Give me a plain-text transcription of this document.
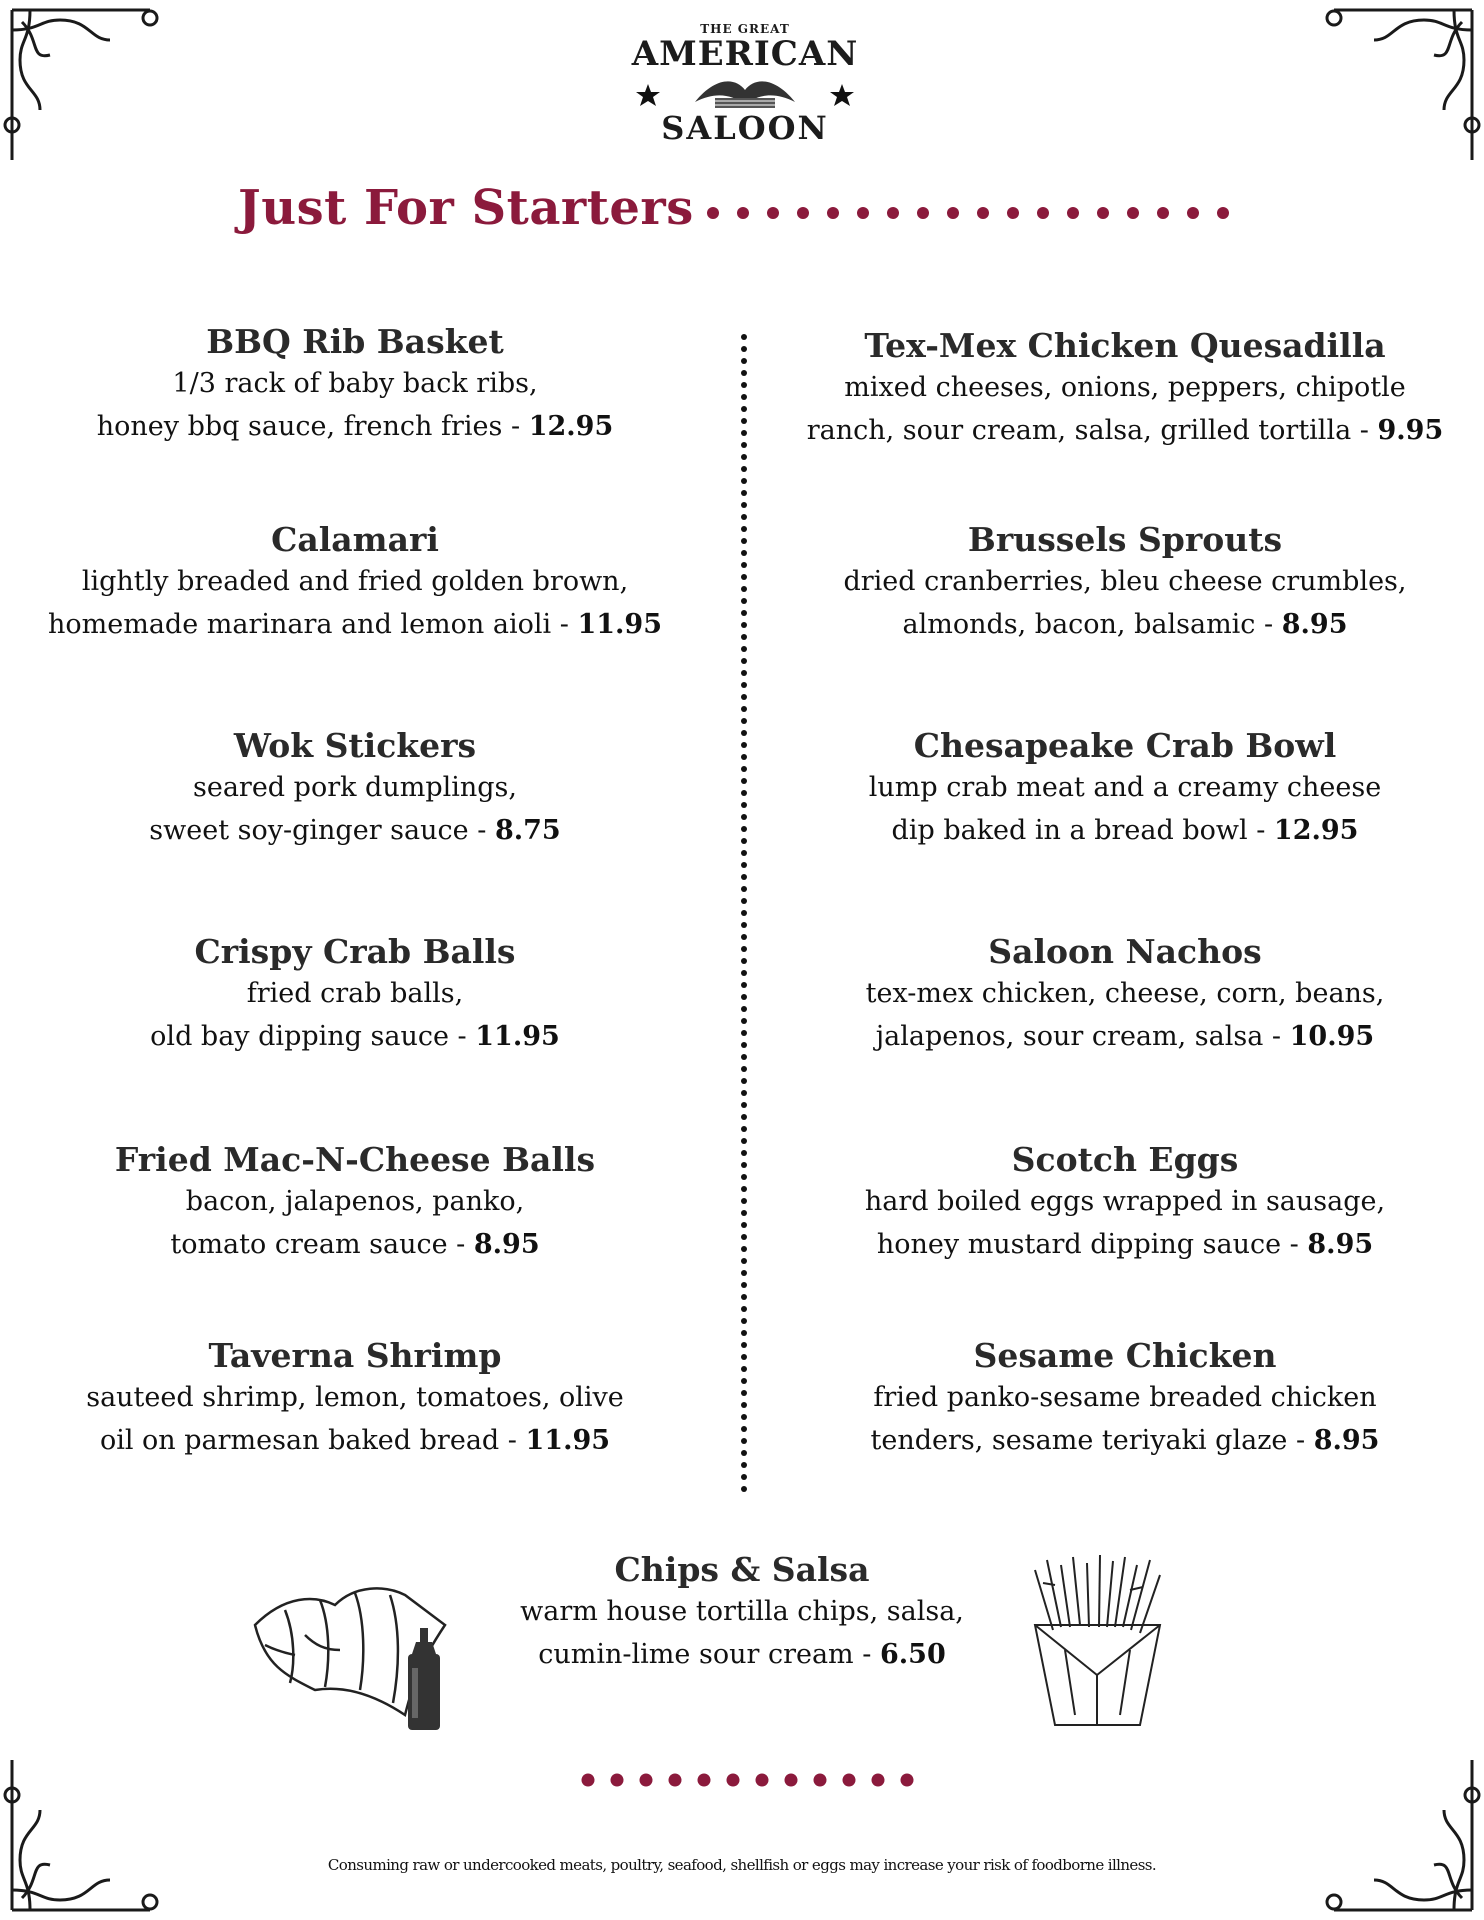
THE GREAT
AMERICAN
SALOON
Just For Starters
BBQ Rib Basket
1/3 rack of baby back ribs,
honey bbq sauce, french fries - 12.95
Calamari
lightly breaded and fried golden brown,
homemade marinara and lemon aioli - 11.95
Wok Stickers
seared pork dumplings,
sweet soy-ginger sauce - 8.75
Crispy Crab Balls
fried crab balls,
old bay dipping sauce - 11.95
Fried Mac-N-Cheese Balls
bacon, jalapenos, panko,
tomato cream sauce - 8.95
Taverna Shrimp
sauteed shrimp, lemon, tomatoes, olive
oil on parmesan baked bread - 11.95
Tex-Mex Chicken Quesadilla
mixed cheeses, onions, peppers, chipotle
ranch, sour cream, salsa, grilled tortilla - 9.95
Brussels Sprouts
dried cranberries, bleu cheese crumbles,
almonds, bacon, balsamic - 8.95
Chesapeake Crab Bowl
lump crab meat and a creamy cheese
dip baked in a bread bowl - 12.95
Saloon Nachos
tex-mex chicken, cheese, corn, beans,
jalapenos, sour cream, salsa - 10.95
Scotch Eggs
hard boiled eggs wrapped in sausage,
honey mustard dipping sauce - 8.95
Sesame Chicken
fried panko-sesame breaded chicken
tenders, sesame teriyaki glaze - 8.95
Chips & Salsa
warm house tortilla chips, salsa,
cumin-lime sour cream - 6.50
Consuming raw or undercooked meats, poultry, seafood, shellfish or eggs may increase your risk of foodborne illness.
